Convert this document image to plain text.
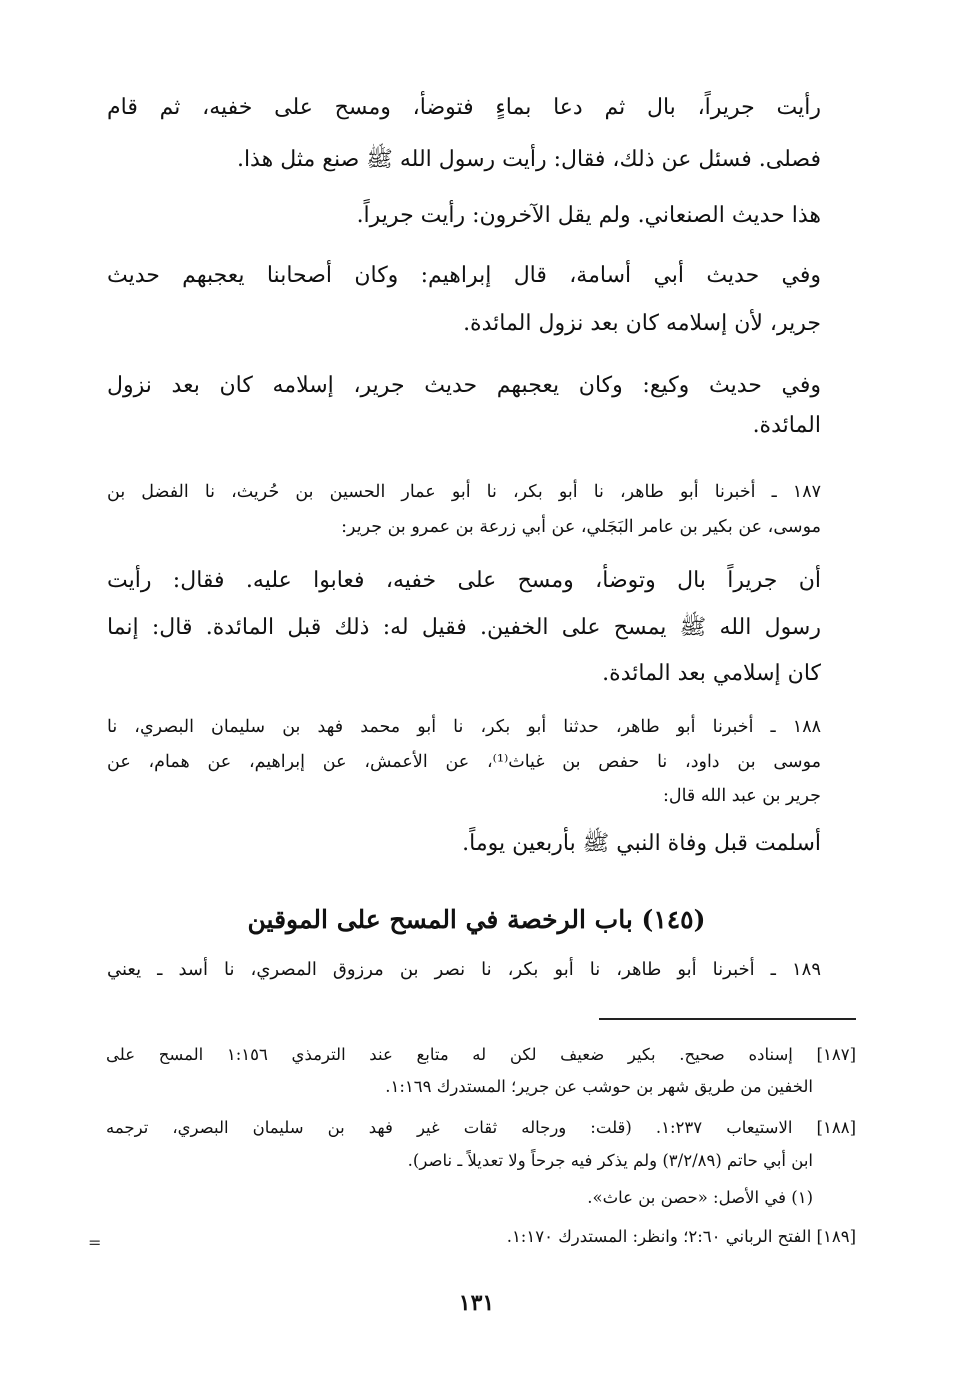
رأيت جريراً، بال ثم دعا بماءٍ فتوضأ، ومسح على خفيه، ثم قام
فصلى. فسئل عن ذلك، فقال: رأيت رسول الله ﷺ صنع مثل هذا.
هذا حديث الصنعاني. ولم يقل الآخرون: رأيت جريراً.
وفي حديث أبي أسامة، قال إبراهيم: وكان أصحابنا يعجبهم حديث
جرير، لأن إسلامه كان بعد نزول المائدة.
وفي حديث وكيع: وكان يعجبهم حديث جرير، إسلامه كان بعد نزول
المائدة.
١٨٧ ـ أخبرنا أبو طاهر، نا أبو بكر، نا أبو عمار الحسين بن حُريث، نا الفضل بن
موسى، عن بكير بن عامر البَجَلي، عن أبي زرعة بن عمرو بن جرير:
أن جريراً بال وتوضأ، ومسح على خفيه، فعابوا عليه. فقال: رأيت
رسول الله ﷺ يمسح على الخفين. فقيل له: ذلك قبل المائدة. قال: إنما
كان إسلامي بعد المائدة.
١٨٨ ـ أخبرنا أبو طاهر، حدثنا أبو بكر، نا أبو محمد فهد بن سليمان البصري، نا
موسى بن داود، نا حفص بن غياث⁽¹⁾، عن الأعمش، عن إبراهيم، عن همام، عن
جرير بن عبد الله قال:
أسلمت قبل وفاة النبي ﷺ بأربعين يوماً.
(١٤٥) باب الرخصة في المسح على الموقين
١٨٩ ـ أخبرنا أبو طاهر، نا أبو بكر، نا نصر بن مرزوق المصري، نا أسد ـ يعني
[١٨٧] إسناده صحيح. بكير ضعيف لكن له متابع عند الترمذي ١:١٥٦ المسح على
الخفين من طريق شهر بن حوشب عن جرير؛ المستدرك ١:١٦٩.
[١٨٨] الاستيعاب ١:٢٣٧. (قلت: ورجاله ثقات غير فهد بن سليمان البصري، ترجمه
ابن أبي حاتم (٣/٢/٨٩) ولم يذكر فيه جرحاً ولا تعديلاً ـ ناصر).
(١) في الأصل: «حصن بن عاث».
[١٨٩] الفتح الرباني ٢:٦٠؛ وانظر: المستدرك ١:١٧٠.
=
١٣١
